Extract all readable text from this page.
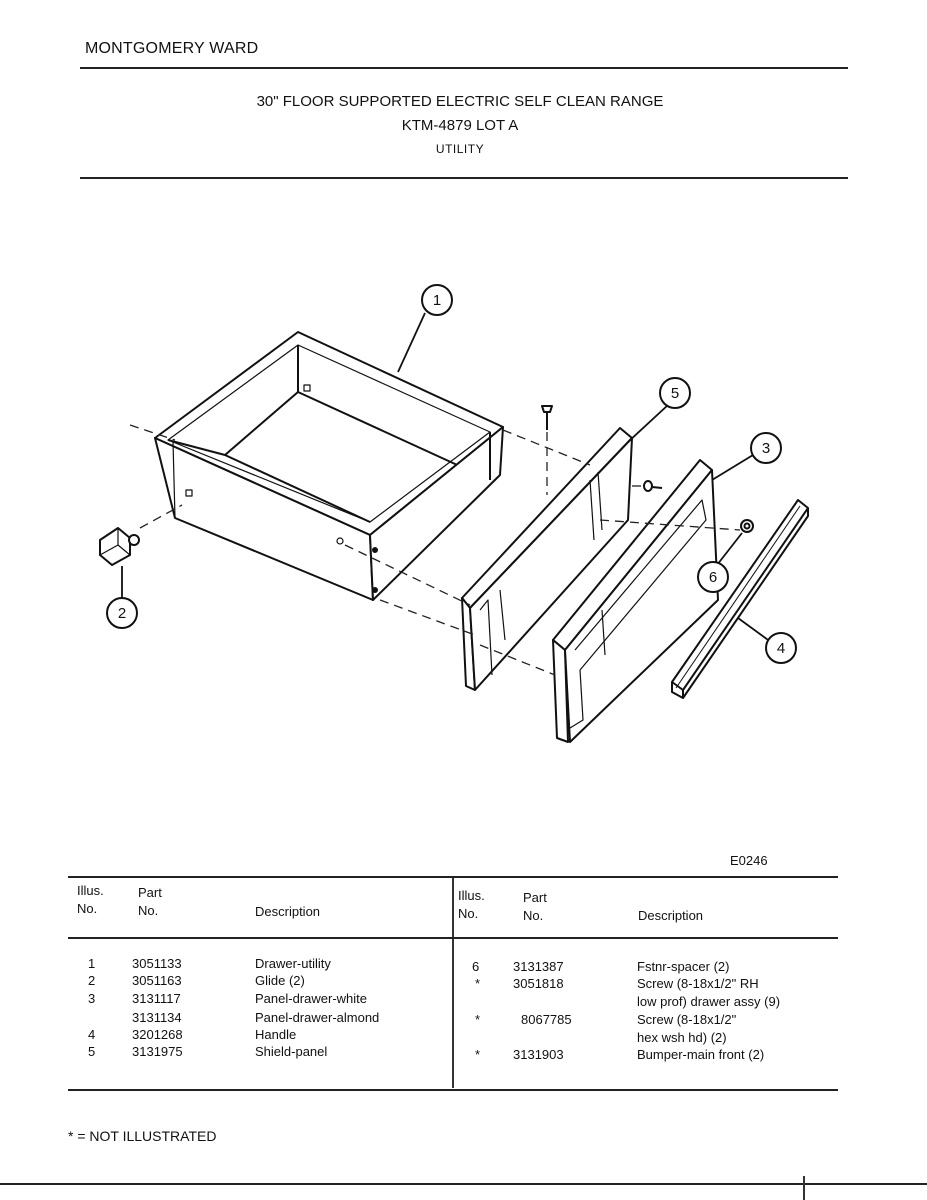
MONTGOMERY WARD
30" FLOOR SUPPORTED ELECTRIC SELF CLEAN RANGE
KTM-4879 LOT A
UTILITY
1
2
3
4
5
6
E0246
Illus.
No.
Part
No.	Description
Illus.
No.
Part
No.	Description
1	3051133	Drawer-utility
2	3051163	Glide (2)
3	3131117	Panel-drawer-white
3131134	Panel-drawer-almond
4	3201268	Handle
5	3131975	Shield-panel
6	3131387	Fstnr-spacer (2)
*	3051818	Screw (8-18x1/2" RH
low prof) drawer assy (9)
*	8067785	Screw (8-18x1/2"
hex wsh hd) (2)
*	3131903	Bumper-main front (2)
* = NOT ILLUSTRATED
